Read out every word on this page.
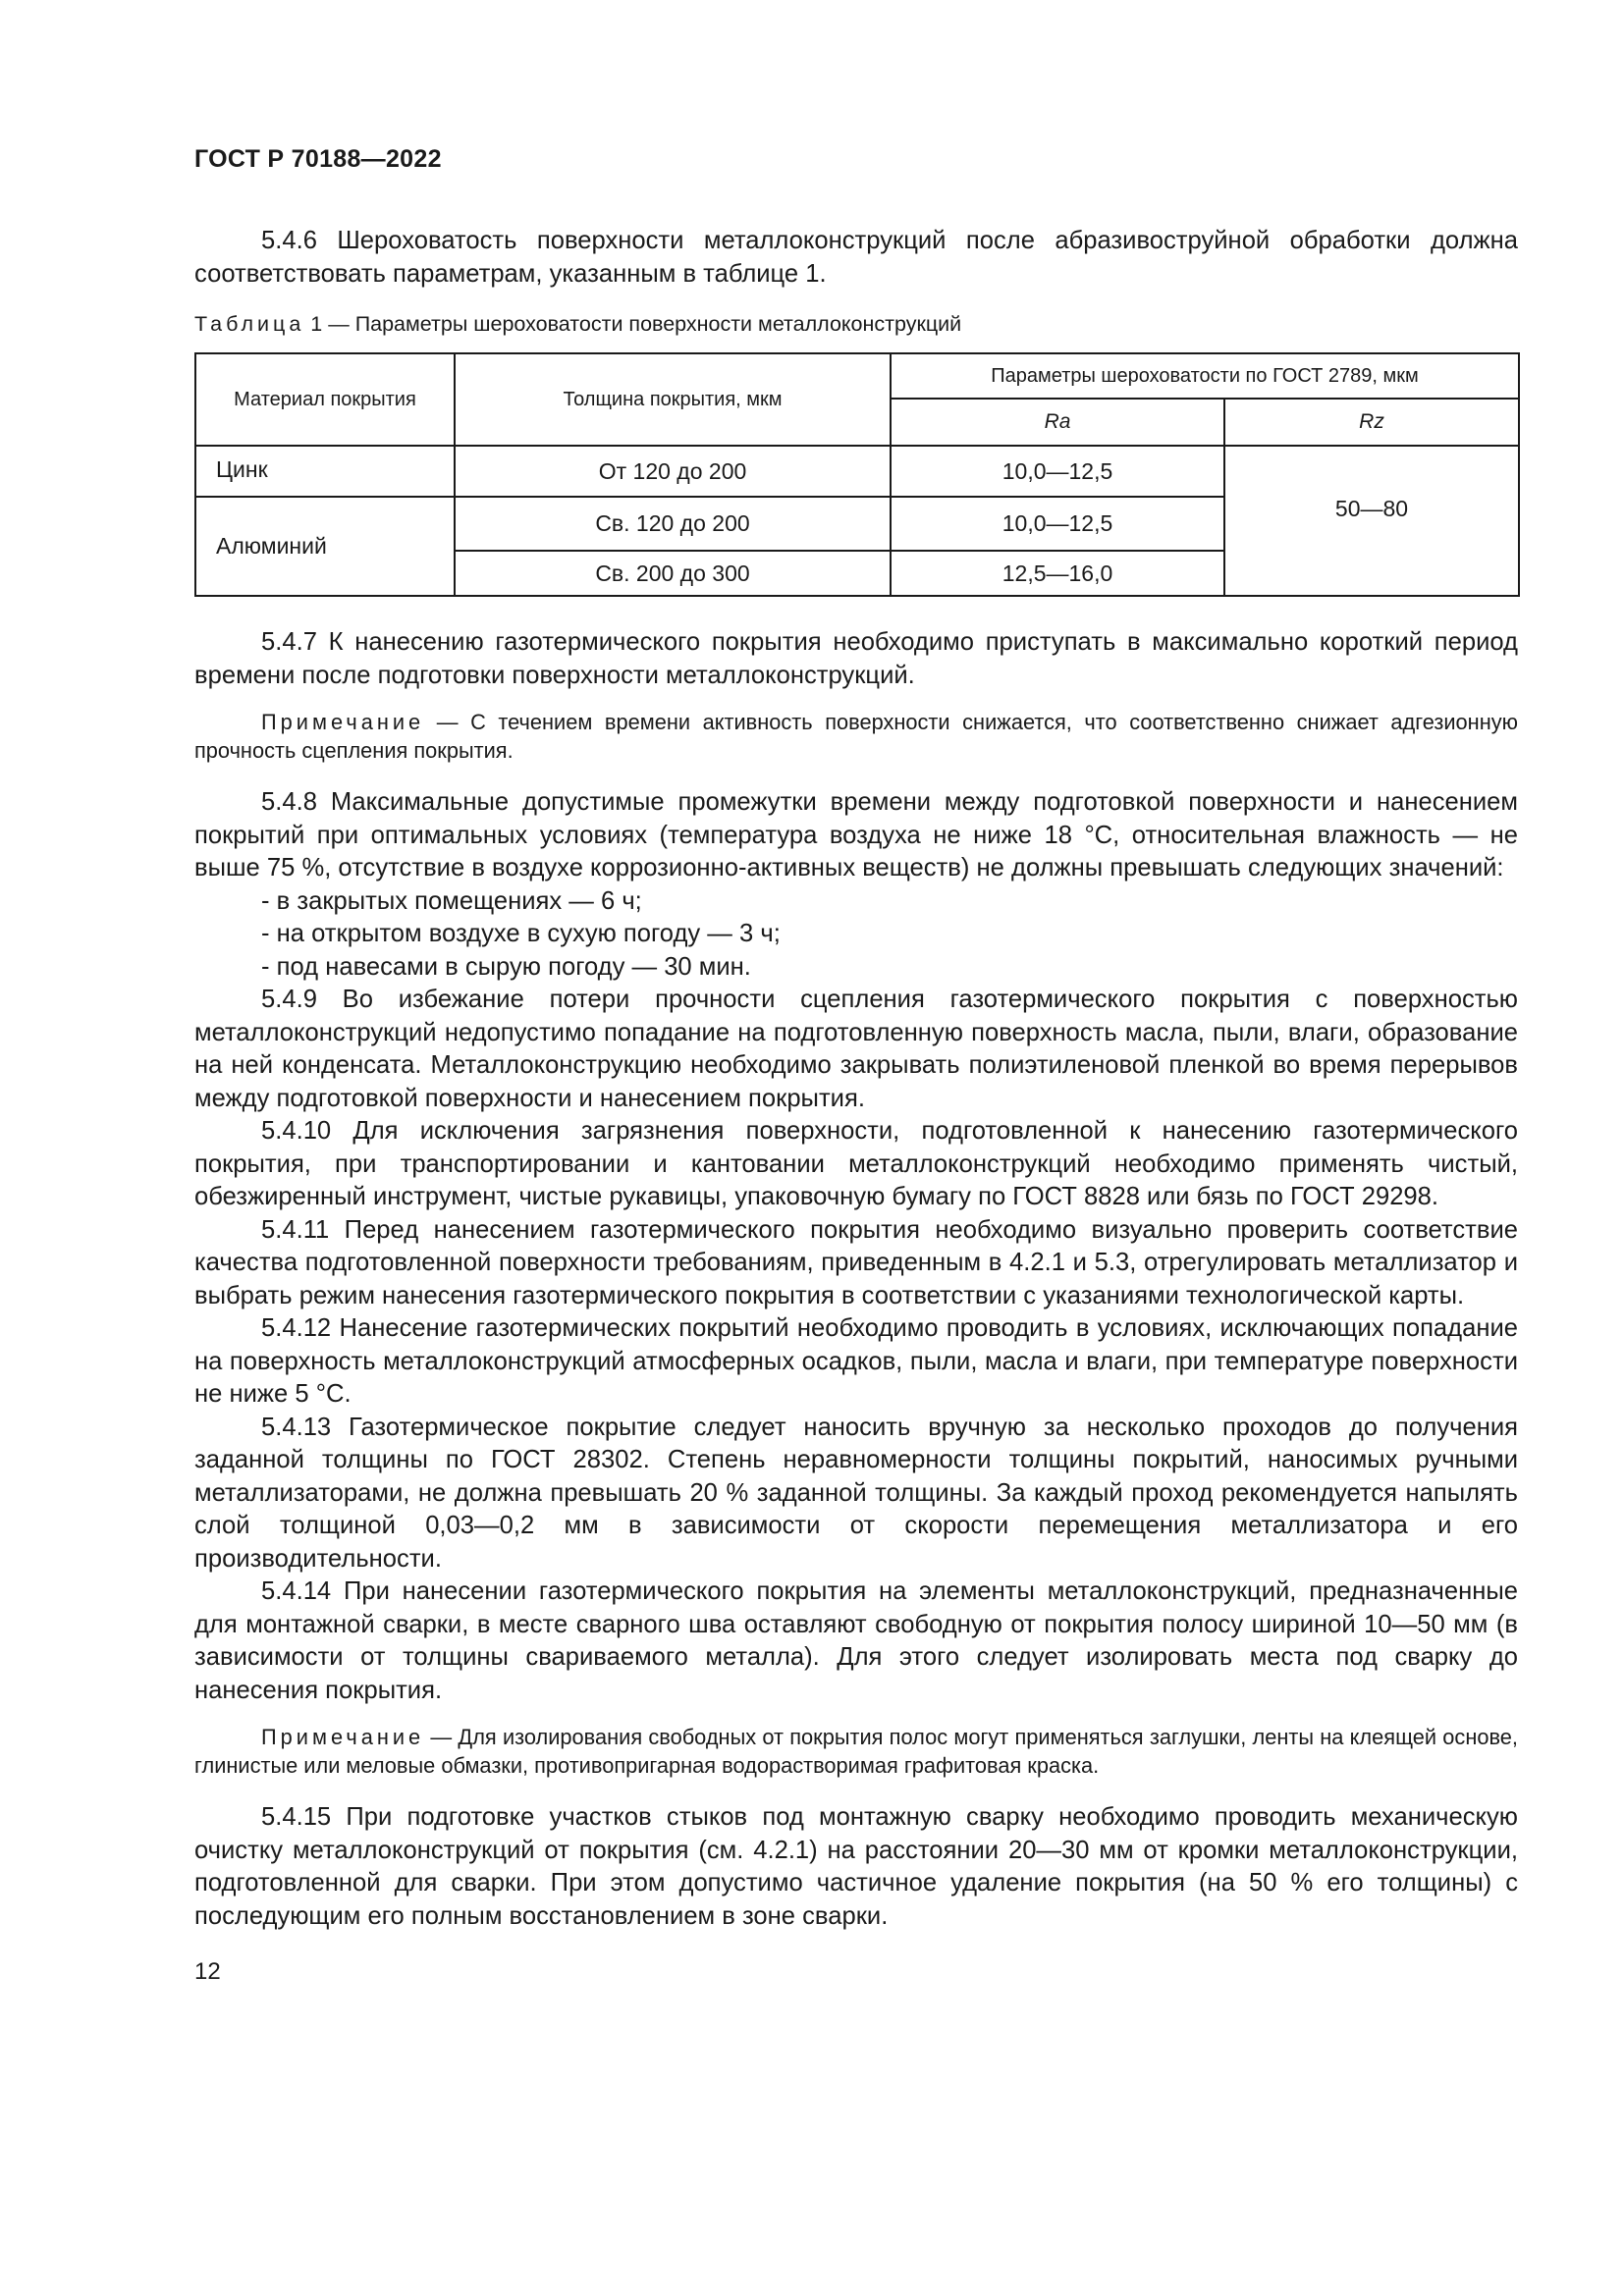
ГОСТ Р 70188—2022

5.4.6 Шероховатость поверхности металлоконструкций после абразивоструйной обработки должна соответствовать параметрам, указанным в таблице 1.

Таблица 1 — Параметры шероховатости поверхности металлоконструкций
Материал покрытия	Толщина покрытия, мкм	Параметры шероховатости по ГОСТ 2789, мкм	
		Ra	Rz
Цинк	От 120 до 200	10,0—12,5	50—80
Алюминий	Св. 120 до 200	10,0—12,5	
	Св. 200 до 300	12,5—16,0	

5.4.7 К нанесению газотермического покрытия необходимо приступать в максимально короткий период времени после подготовки поверхности металлоконструкций.

Примечание — С течением времени активность поверхности снижается, что соответственно снижает адгезионную прочность сцепления покрытия.

5.4.8 Максимальные допустимые промежутки времени между подготовкой поверхности и нанесением покрытий при оптимальных условиях (температура воздуха не ниже 18 °C, относительная влажность — не выше 75 %, отсутствие в воздухе коррозионно-активных веществ) не должны превышать следующих значений:

- в закрытых помещениях — 6 ч;
- на открытом воздухе в сухую погоду — 3 ч;
- под навесами в сырую погоду — 30 мин.

5.4.9 Во избежание потери прочности сцепления газотермического покрытия с поверхностью металлоконструкций недопустимо попадание на подготовленную поверхность масла, пыли, влаги, образование на ней конденсата. Металлоконструкцию необходимо закрывать полиэтиленовой пленкой во время перерывов между подготовкой поверхности и нанесением покрытия.

5.4.10 Для исключения загрязнения поверхности, подготовленной к нанесению газотермического покрытия, при транспортировании и кантовании металлоконструкций необходимо применять чистый, обезжиренный инструмент, чистые рукавицы, упаковочную бумагу по ГОСТ 8828 или бязь по ГОСТ 29298.

5.4.11 Перед нанесением газотермического покрытия необходимо визуально проверить соответствие качества подготовленной поверхности требованиям, приведенным в 4.2.1 и 5.3, отрегулировать металлизатор и выбрать режим нанесения газотермического покрытия в соответствии с указаниями технологической карты.

5.4.12 Нанесение газотермических покрытий необходимо проводить в условиях, исключающих попадание на поверхность металлоконструкций атмосферных осадков, пыли, масла и влаги, при температуре поверхности не ниже 5 °C.

5.4.13 Газотермическое покрытие следует наносить вручную за несколько проходов до получения заданной толщины по ГОСТ 28302. Степень неравномерности толщины покрытий, наносимых ручными металлизаторами, не должна превышать 20 % заданной толщины. За каждый проход рекомендуется напылять слой толщиной 0,03—0,2 мм в зависимости от скорости перемещения металлизатора и его производительности.

5.4.14 При нанесении газотермического покрытия на элементы металлоконструкций, предназначенные для монтажной сварки, в месте сварного шва оставляют свободную от покрытия полосу шириной 10—50 мм (в зависимости от толщины свариваемого металла). Для этого следует изолировать места под сварку до нанесения покрытия.

Примечание — Для изолирования свободных от покрытия полос могут применяться заглушки, ленты на клеящей основе, глинистые или меловые обмазки, противопригарная водорастворимая графитовая краска.

5.4.15 При подготовке участков стыков под монтажную сварку необходимо проводить механическую очистку металлоконструкций от покрытия (см. 4.2.1) на расстоянии 20—30 мм от кромки металлоконструкции, подготовленной для сварки. При этом допустимо частичное удаление покрытия (на 50 % его толщины) с последующим его полным восстановлением в зоне сварки.

12
